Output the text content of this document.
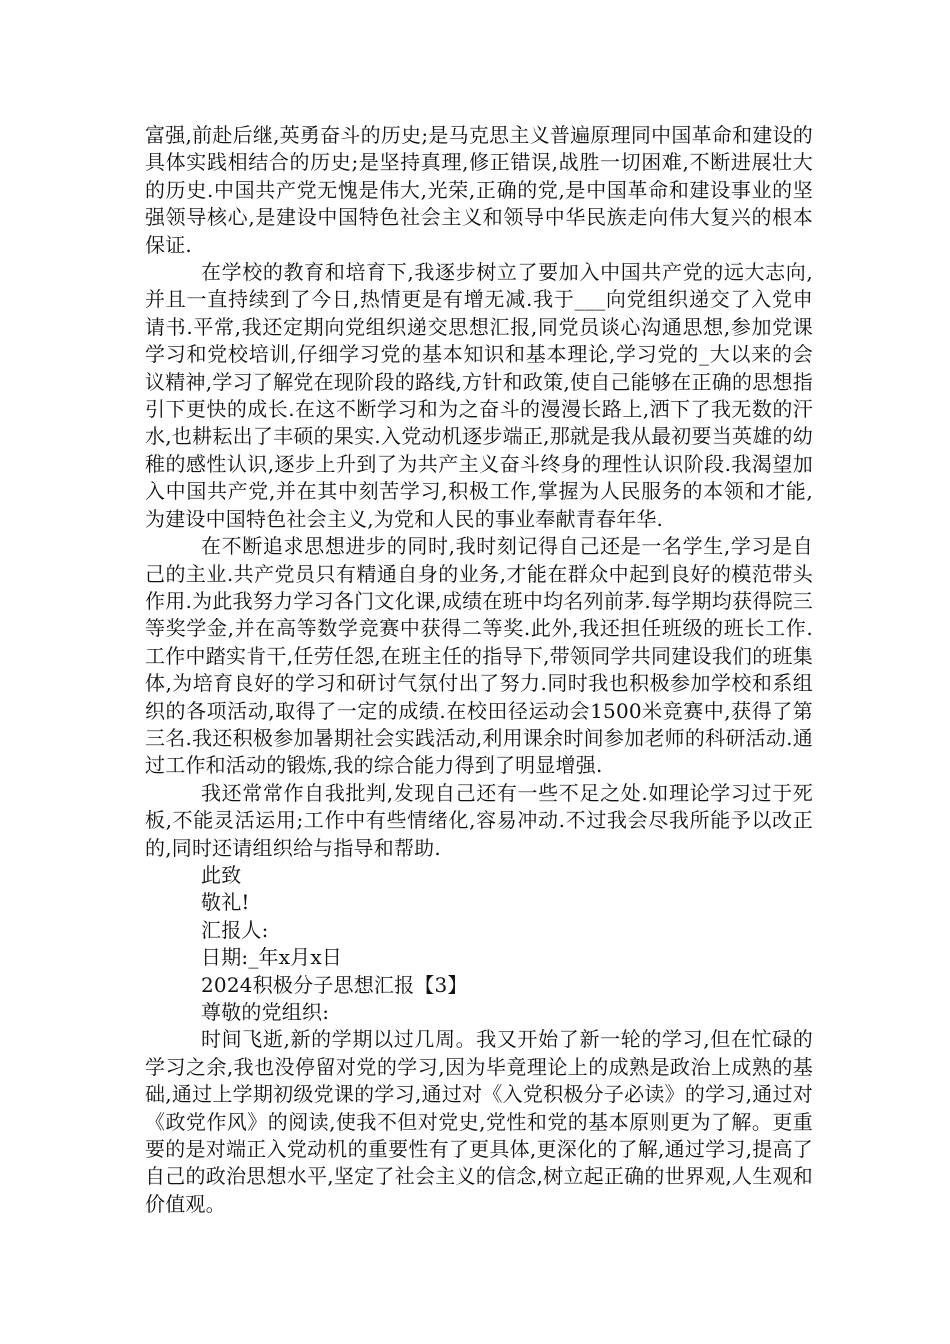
富强,前赴后继,英勇奋斗的历史;是马克思主义普遍原理同中国革命和建设的具体实践相结合的历史;是坚持真理,修正错误,战胜一切困难,不断进展壮大的历史.中国共产党无愧是伟大,光荣,正确的党,是中国革命和建设事业的坚强领导核心,是建设中国特色社会主义和领导中华民族走向伟大复兴的根本保证.

在学校的教育和培育下,我逐步树立了要加入中国共产党的远大志向,并且一直持续到了今日,热情更是有增无减.我于___向党组织递交了入党申请书.平常,我还定期向党组织递交思想汇报,同党员谈心沟通思想,参加党课学习和党校培训,仔细学习党的基本知识和基本理论,学习党的_大以来的会议精神,学习了解党在现阶段的路线,方针和政策,使自己能够在正确的思想指引下更快的成长.在这不断学习和为之奋斗的漫漫长路上,洒下了我无数的汗水,也耕耘出了丰硕的果实.入党动机逐步端正,那就是我从最初要当英雄的幼稚的感性认识,逐步上升到了为共产主义奋斗终身的理性认识阶段.我渴望加入中国共产党,并在其中刻苦学习,积极工作,掌握为人民服务的本领和才能,为建设中国特色社会主义,为党和人民的事业奉献青春年华.

在不断追求思想进步的同时,我时刻记得自己还是一名学生,学习是自己的主业.共产党员只有精通自身的业务,才能在群众中起到良好的模范带头作用.为此我努力学习各门文化课,成绩在班中均名列前茅.每学期均获得院三等奖学金,并在高等数学竞赛中获得二等奖.此外,我还担任班级的班长工作.工作中踏实肯干,任劳任怨,在班主任的指导下,带领同学共同建设我们的班集体,为培育良好的学习和研讨气氛付出了努力.同时我也积极参加学校和系组织的各项活动,取得了一定的成绩.在校田径运动会1500米竞赛中,获得了第三名.我还积极参加暑期社会实践活动,利用课余时间参加老师的科研活动.通过工作和活动的锻炼,我的综合能力得到了明显增强.

我还常常作自我批判,发现自己还有一些不足之处.如理论学习过于死板,不能灵活运用;工作中有些情绪化,容易冲动.不过我会尽我所能予以改正的,同时还请组织给与指导和帮助.

此致

敬礼!

汇报人:

日期:_年x月x日

2024积极分子思想汇报【3】

尊敬的党组织:

时间飞逝,新的学期以过几周。我又开始了新一轮的学习,但在忙碌的学习之余,我也没停留对党的学习,因为毕竟理论上的成熟是政治上成熟的基础,通过上学期初级党课的学习,通过对《入党积极分子必读》的学习,通过对《政党作风》的阅读,使我不但对党史,党性和党的基本原则更为了解。更重要的是对端正入党动机的重要性有了更具体,更深化的了解,通过学习,提高了自己的政治思想水平,坚定了社会主义的信念,树立起正确的世界观,人生观和价值观。
